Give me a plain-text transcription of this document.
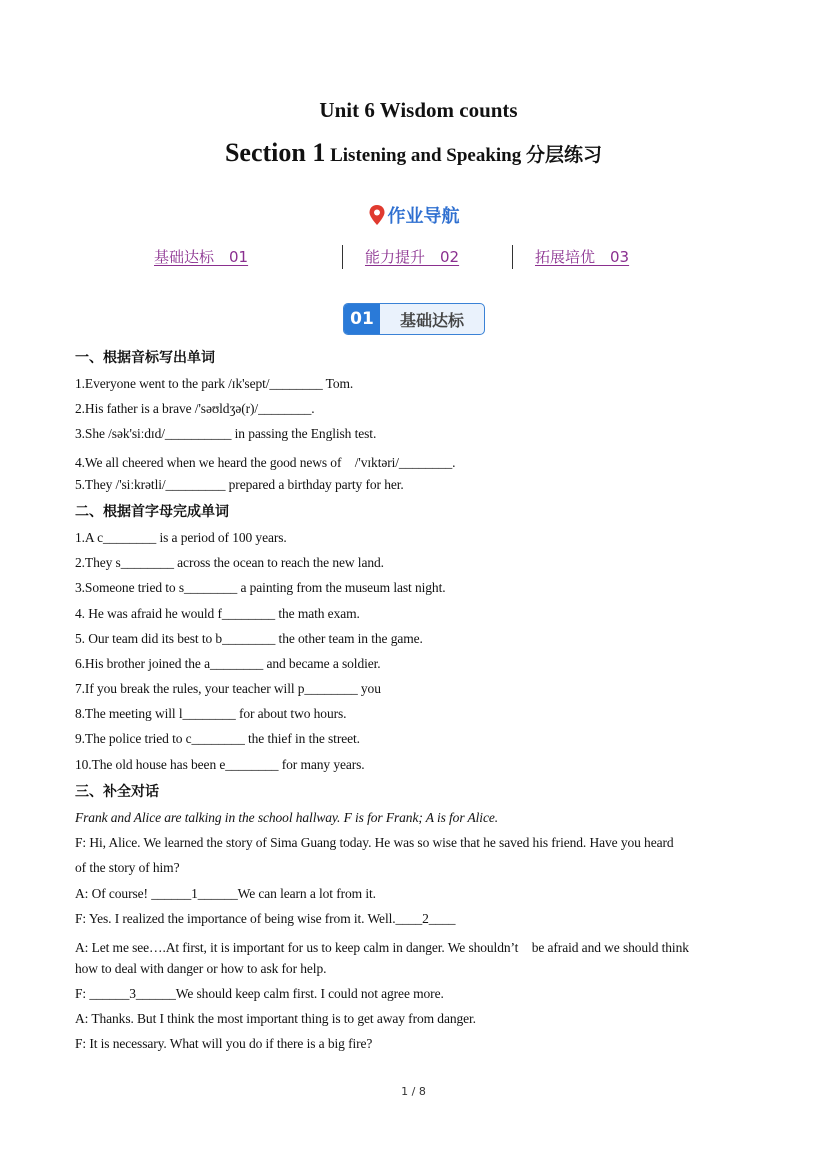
Unit 6 Wisdom counts
Section 1 Listening and Speaking 分层练习
作业导航
基础达标　01	能力提升　02	拓展培优　03
01	基础达标
一、根据音标写出单词
1.Everyone went to the park /ɪk'sept/________ Tom.
2.His father is a brave /'səʊldʒə(r)/________.
3.She /sək'siːdɪd/__________ in passing the English test.
4.We all cheered when we heard the good news of　/'vɪktəri/________.
5.They /'siːkrətli/_________ prepared a birthday party for her.
二、根据首字母完成单词
1.A c________ is a period of 100 years.
2.They s________ across the ocean to reach the new land.
3.Someone tried to s________ a painting from the museum last night.
4. He was afraid he would f________ the math exam.
5. Our team did its best to b________ the other team in the game.
6.His brother joined the a________ and became a soldier.
7.If you break the rules, your teacher will p________ you
8.The meeting will l________ for about two hours.
9.The police tried to c________ the thief in the street.
10.The old house has been e________ for many years.
三、补全对话
Frank and Alice are talking in the school hallway. F is for Frank; A is for Alice.
F: Hi, Alice. We learned the story of Sima Guang today. He was so wise that he saved his friend. Have you heard
of the story of him?
A: Of course! ______1______We can learn a lot from it.
F: Yes. I realized the importance of being wise from it. Well.____2____
A: Let me see….At first, it is important for us to keep calm in danger. We shouldn’t　be afraid and we should think
how to deal with danger or how to ask for help.
F: ______3______We should keep calm first. I could not agree more.
A: Thanks. But I think the most important thing is to get away from danger.
F: It is necessary. What will you do if there is a big fire?
1 / 8
